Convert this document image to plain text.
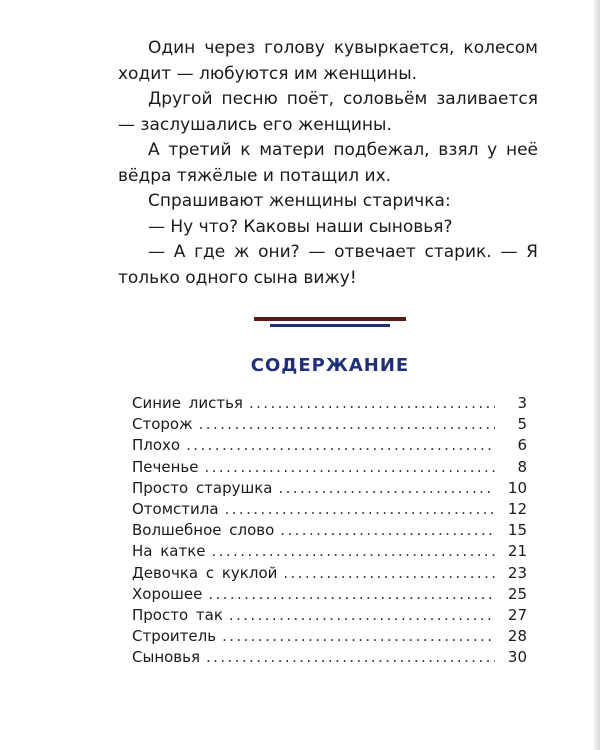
Один через голову кувыркается, колесом ходит — любуются им женщины.

Другой песню поёт, соловьём заливается — заслушались его женщины.

А третий к матери подбежал, взял у неё вёдра тяжёлые и потащил их.

Спрашивают женщины старичка:

— Ну что? Каковы наши сыновья?

— А где ж они? — отвечает старик. — Я только одного сына вижу!

СОДЕРЖАНИЕ
Синие листья .....	3
Сторож .....	5
Плохо .....	6
Печенье .....	8
Просто старушка .....	10
Отомстила .....	12
Волшебное слово .....	15
На катке .....	21
Девочка с куклой .....	23
Хорошее .....	25
Просто так .....	27
Строитель .....	28
Сыновья .....	30
